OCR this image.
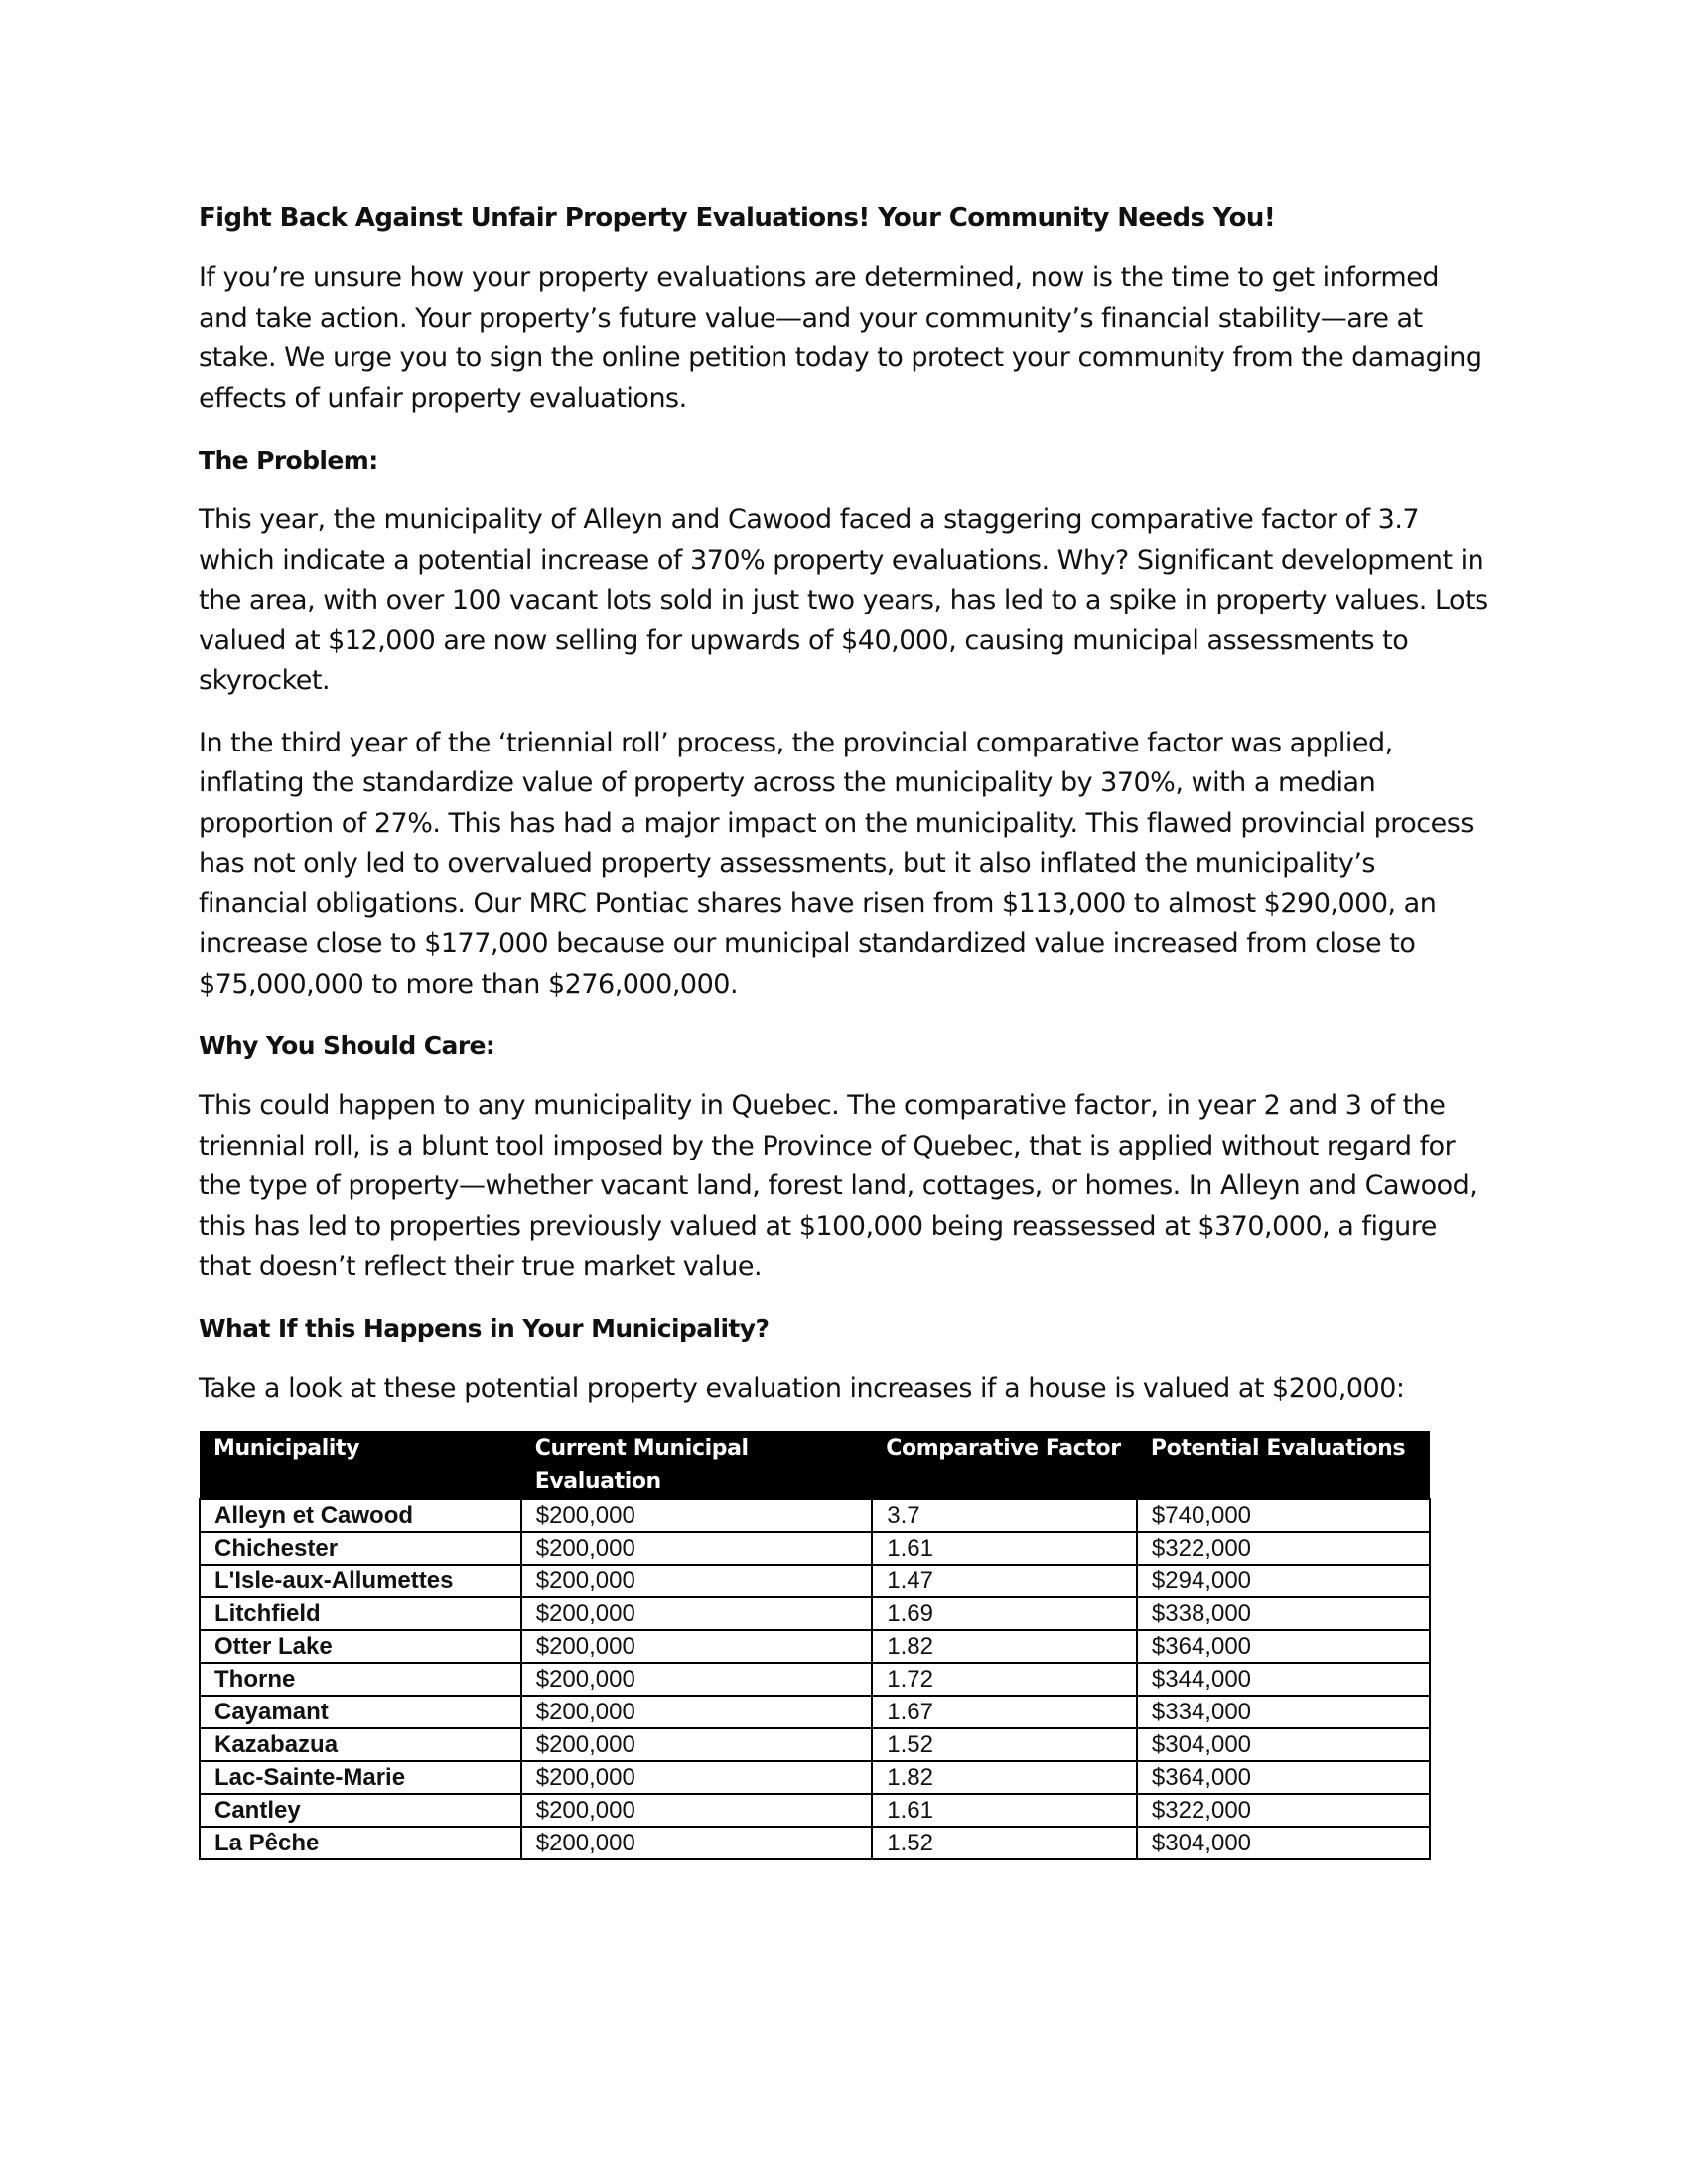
Fight Back Against Unfair Property Evaluations! Your Community Needs You!

If you’re unsure how your property evaluations are determined, now is the time to get informed and take action. Your property’s future value—and your community’s financial stability—are at stake. We urge you to sign the online petition today to protect your community from the damaging effects of unfair property evaluations.

The Problem:

This year, the municipality of Alleyn and Cawood faced a staggering comparative factor of 3.7 which indicate a potential increase of 370% property evaluations. Why? Significant development in the area, with over 100 vacant lots sold in just two years, has led to a spike in property values. Lots valued at $12,000 are now selling for upwards of $40,000, causing municipal assessments to skyrocket.

In the third year of the ‘triennial roll’ process, the provincial comparative factor was applied, inflating the standardize value of property across the municipality by 370%, with a median proportion of 27%. This has had a major impact on the municipality. This flawed provincial process has not only led to overvalued property assessments, but it also inflated the municipality’s financial obligations. Our MRC Pontiac shares have risen from $113,000 to almost $290,000, an increase close to $177,000 because our municipal standardized value increased from close to $75,000,000 to more than $276,000,000.

Why You Should Care:

This could happen to any municipality in Quebec. The comparative factor, in year 2 and 3 of the triennial roll, is a blunt tool imposed by the Province of Quebec, that is applied without regard for the type of property—whether vacant land, forest land, cottages, or homes. In Alleyn and Cawood, this has led to properties previously valued at $100,000 being reassessed at $370,000, a figure that doesn’t reflect their true market value.

What If this Happens in Your Municipality?

Take a look at these potential property evaluation increases if a house is valued at $200,000:

Municipality	Current Municipal Evaluation	Comparative Factor	Potential Evaluations
Alleyn et Cawood	$200,000	3.7	$740,000
Chichester	$200,000	1.61	$322,000
L'Isle-aux-Allumettes	$200,000	1.47	$294,000
Litchfield	$200,000	1.69	$338,000
Otter Lake	$200,000	1.82	$364,000
Thorne	$200,000	1.72	$344,000
Cayamant	$200,000	1.67	$334,000
Kazabazua	$200,000	1.52	$304,000
Lac-Sainte-Marie	$200,000	1.82	$364,000
Cantley	$200,000	1.61	$322,000
La Pêche	$200,000	1.52	$304,000
